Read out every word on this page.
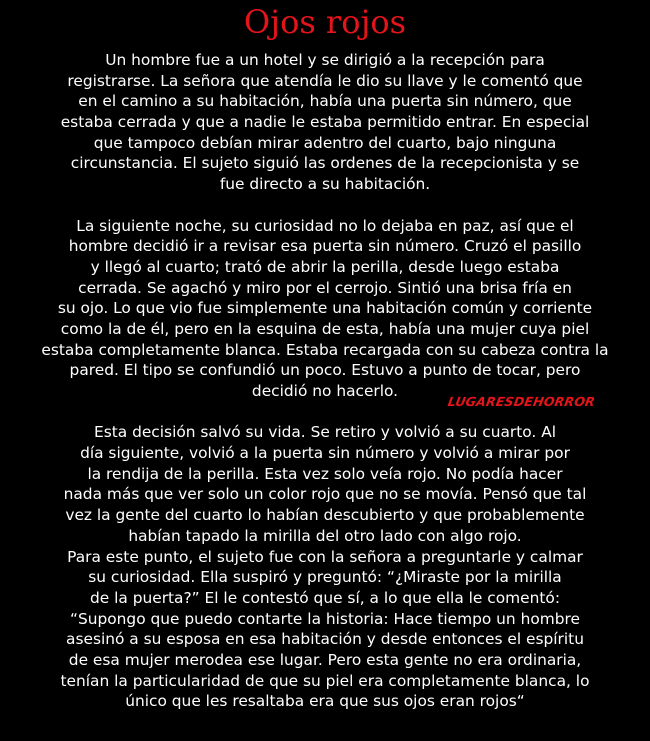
Ojos rojos
Un hombre fue a un hotel y se dirigió a la recepción para
registrarse. La señora que atendía le dio su llave y le comentó que
en el camino a su habitación, había una puerta sin número, que
estaba cerrada y que a nadie le estaba permitido entrar. En especial
que tampoco debían mirar adentro del cuarto, bajo ninguna
circunstancia. El sujeto siguió las ordenes de la recepcionista y se
fue directo a su habitación.
La siguiente noche, su curiosidad no lo dejaba en paz, así que el
hombre decidió ir a revisar esa puerta sin número. Cruzó el pasillo
y llegó al cuarto; trató de abrir la perilla, desde luego estaba
cerrada. Se agachó y miro por el cerrojo. Sintió una brisa fría en
su ojo. Lo que vio fue simplemente una habitación común y corriente
como la de él, pero en la esquina de esta, había una mujer cuya piel
estaba completamente blanca. Estaba recargada con su cabeza contra la
pared. El tipo se confundió un poco. Estuvo a punto de tocar, pero
decidió no hacerlo.
Esta decisión salvó su vida. Se retiro y volvió a su cuarto. Al
día siguiente, volvió a la puerta sin número y volvió a mirar por
la rendija de la perilla. Esta vez solo veía rojo. No podía hacer
nada más que ver solo un color rojo que no se movía. Pensó que tal
vez la gente del cuarto lo habían descubierto y que probablemente
habían tapado la mirilla del otro lado con algo rojo.
Para este punto, el sujeto fue con la señora a preguntarle y calmar
su curiosidad. Ella suspiró y preguntó: “¿Miraste por la mirilla
de la puerta?” El le contestó que sí, a lo que ella le comentó:
“Supongo que puedo contarte la historia: Hace tiempo un hombre
asesinó a su esposa en esa habitación y desde entonces el espíritu
de esa mujer merodea ese lugar. Pero esta gente no era ordinaria,
tenían la particularidad de que su piel era completamente blanca, lo
único que les resaltaba era que sus ojos eran rojos“
LUGARESDEHORROR
